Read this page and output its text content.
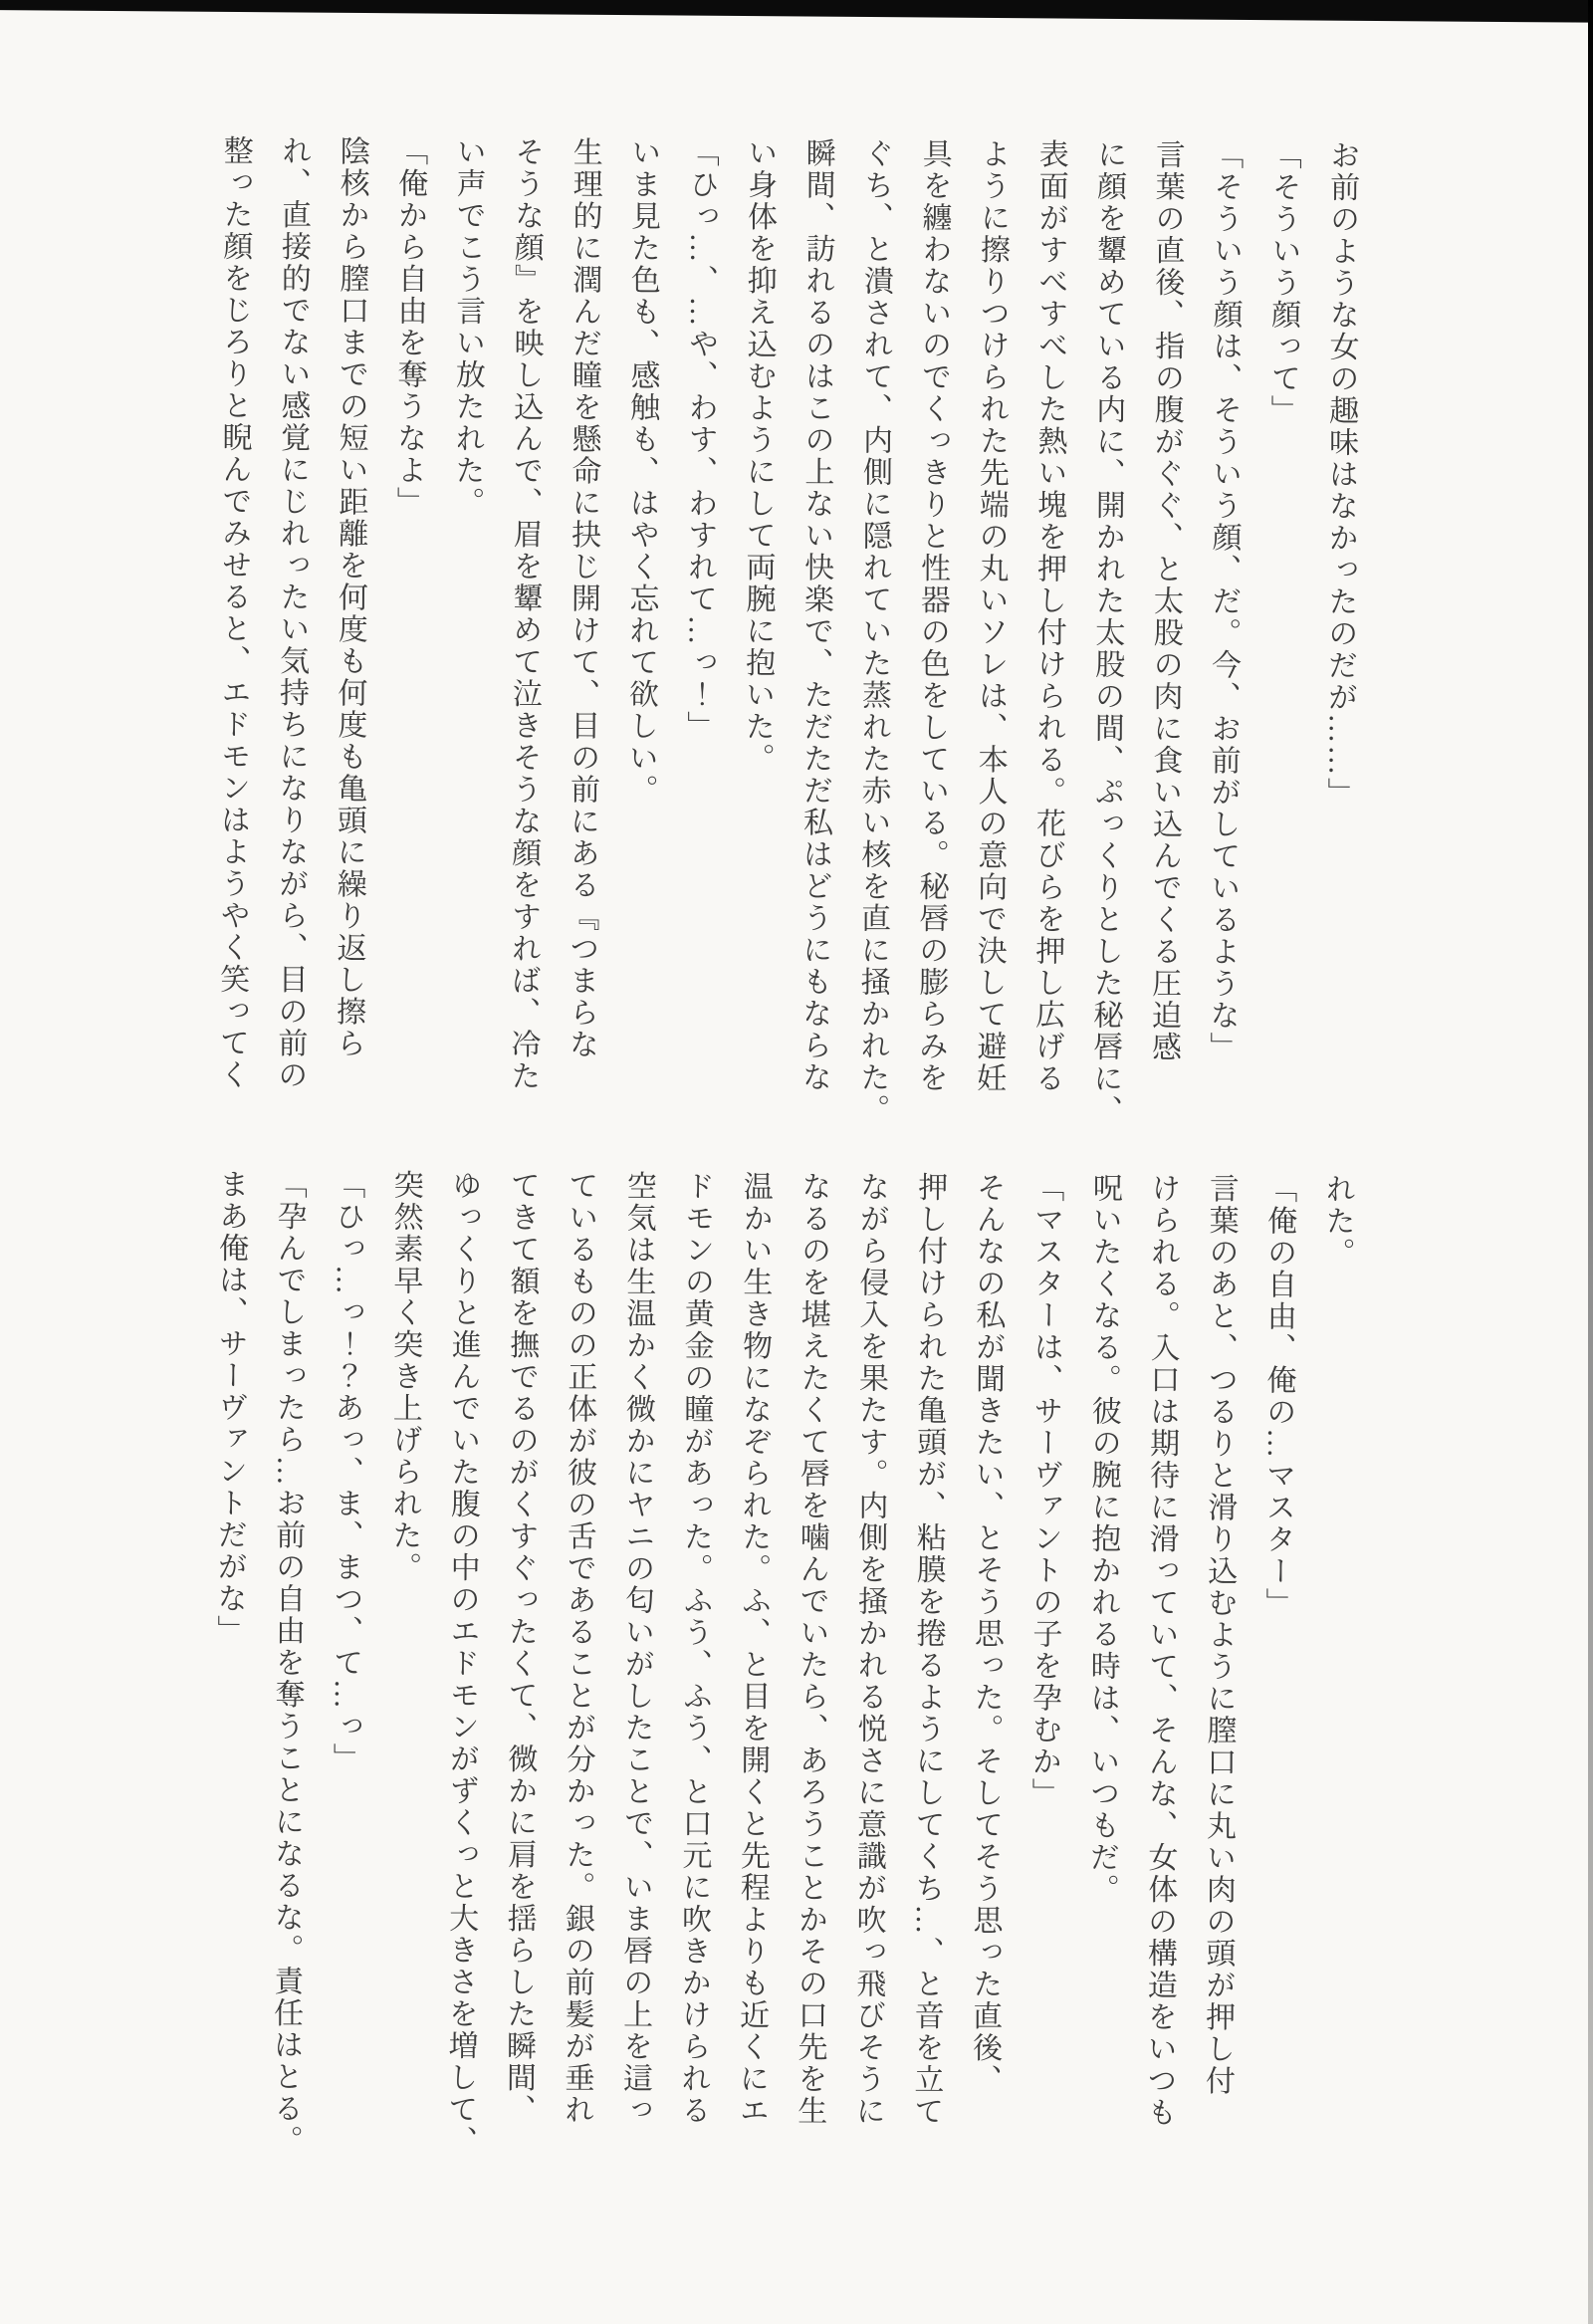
お前のような女の趣味はなかったのだが……」
「そういう顔って」
「そういう顔は、そういう顔、だ。今、お前がしているような」
言葉の直後、指の腹がぐぐ、と太股の肉に食い込んでくる圧迫感
に顔を顰めている内に、開かれた太股の間、ぷっくりとした秘唇に、
表面がすべすべした熱い塊を押し付けられる。花びらを押し広げる
ように擦りつけられた先端の丸いソレは、本人の意向で決して避妊
具を纏わないのでくっきりと性器の色をしている。秘唇の膨らみを
ぐち、と潰されて、内側に隠れていた蒸れた赤い核を直に掻かれた。
瞬間、訪れるのはこの上ない快楽で、ただただ私はどうにもならな
い身体を抑え込むようにして両腕に抱いた。
「ひっ…、…や、わす、わすれて…っ！」
いま見た色も、感触も、はやく忘れて欲しい。
生理的に潤んだ瞳を懸命に抉じ開けて、目の前にある『つまらな
そうな顔』を映し込んで、眉を顰めて泣きそうな顔をすれば、冷た
い声でこう言い放たれた。
「俺から自由を奪うなよ」
陰核から膣口までの短い距離を何度も何度も亀頭に繰り返し擦ら
れ、直接的でない感覚にじれったい気持ちになりながら、目の前の
整った顔をじろりと睨んでみせると、エドモンはようやく笑ってく
れた。
「俺の自由、俺の…マスター」
言葉のあと、つるりと滑り込むように膣口に丸い肉の頭が押し付
けられる。入口は期待に滑っていて、そんな、女体の構造をいつも
呪いたくなる。彼の腕に抱かれる時は、いつもだ。
「マスターは、サーヴァントの子を孕むか」
そんなの私が聞きたい、とそう思った。そしてそう思った直後、
押し付けられた亀頭が、粘膜を捲るようにしてくち…、と音を立て
ながら侵入を果たす。内側を掻かれる悦さに意識が吹っ飛びそうに
なるのを堪えたくて唇を噛んでいたら、あろうことかその口先を生
温かい生き物になぞられた。ふ、と目を開くと先程よりも近くにエ
ドモンの黄金の瞳があった。ふう、ふう、と口元に吹きかけられる
空気は生温かく微かにヤニの匂いがしたことで、いま唇の上を這っ
ているものの正体が彼の舌であることが分かった。銀の前髪が垂れ
てきて額を撫でるのがくすぐったくて、微かに肩を揺らした瞬間、
ゆっくりと進んでいた腹の中のエドモンがずくっと大きさを増して、
突然素早く突き上げられた。
「ひっ…っ！？あっ、ま、まつ、て…っ」
「孕んでしまったら…お前の自由を奪うことになるな。責任はとる。
まあ俺は、サーヴァントだがな」
